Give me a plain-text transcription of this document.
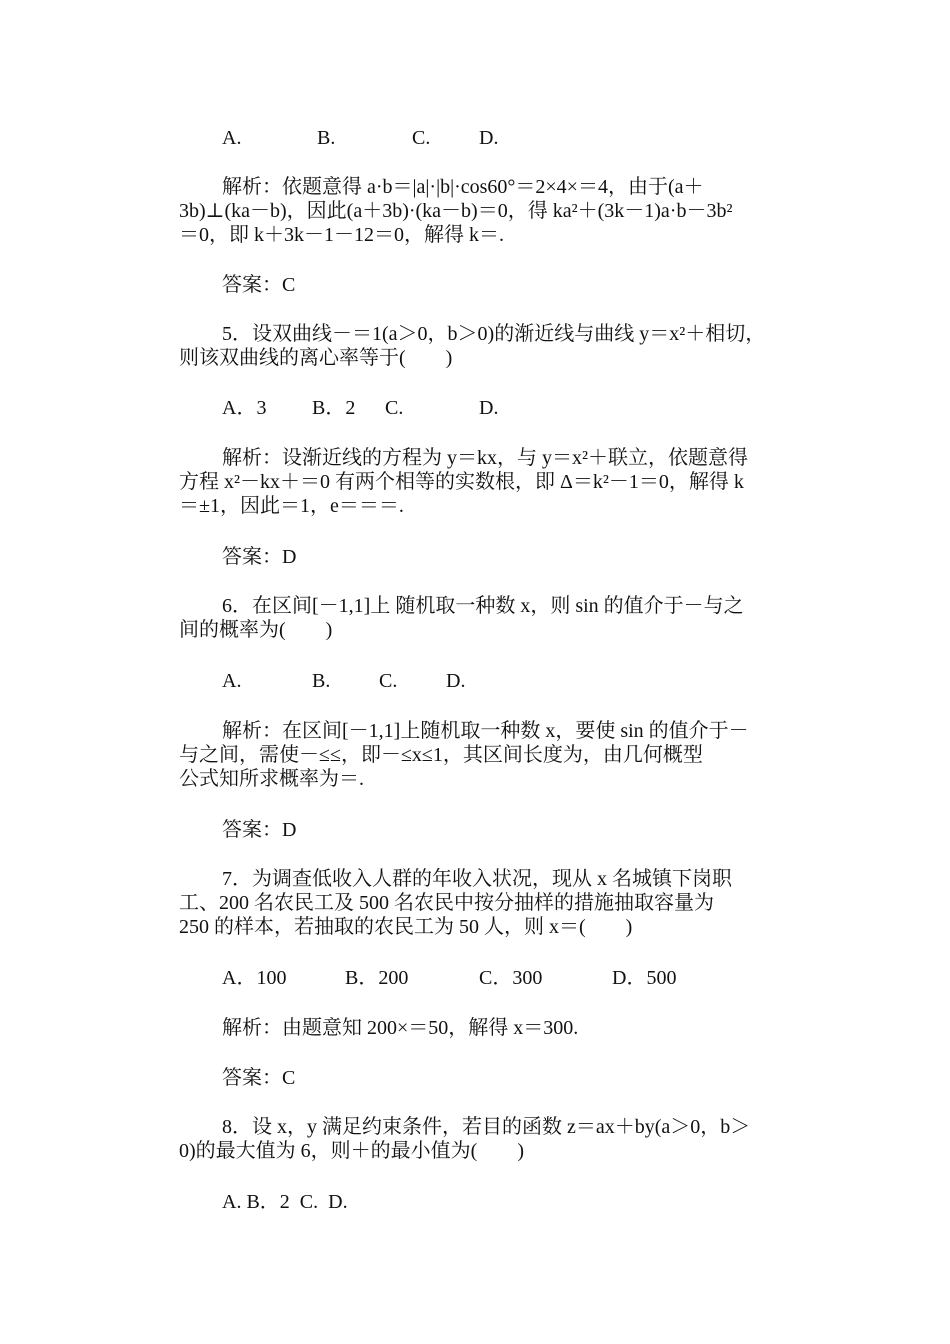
A.	B.	C. D.
解析：依题意得 a·b＝|a|·|b|·cos60°＝2×4×＝4，由于(a＋
3b)⊥(ka－b)，因此(a＋3b)·(ka－b)＝0，得 ka²＋(3k－1)a·b－3b²
＝0，即 k＋3k－1－12＝0，解得 k＝.
答案：C
5．设双曲线－＝1(a＞0，b＞0)的渐近线与曲线 y＝x²＋相切，
则该双曲线的离心率等于(　　)
A．3 B．2 C.	D.
解析：设渐近线的方程为 y＝kx，与 y＝x²＋联立，依题意得
方程 x²－kx＋＝0 有两个相等的实数根，即 Δ＝k²－1＝0，解得 k
＝±1，因此＝1，e＝＝＝.
答案：D
6．在区间[－1,1]上 随机取一种数 x，则 sin 的值介于－与之
间的概率为(　　)
A.	B. C. D.
解析：在区间[－1,1]上随机取一种数 x，要使 sin 的值介于－
与之间，需使－≤≤，即－≤x≤1，其区间长度为，由几何概型
公式知所求概率为＝.
答案：D
7．为调查低收入人群的年收入状况，现从 x 名城镇下岗职
工、200 名农民工及 500 名农民中按分抽样的措施抽取容量为
250 的样本，若抽取的农民工为 50 人，则 x＝(　　)
A．100	B．200	C．300	D．500
解析：由题意知 200×＝50，解得 x＝300.
答案：C
8．设 x，y 满足约束条件，若目的函数 z＝ax＋by(a＞0，b＞
0)的最大值为 6，则＋的最小值为(　　)
A. B．2  C.  D.
